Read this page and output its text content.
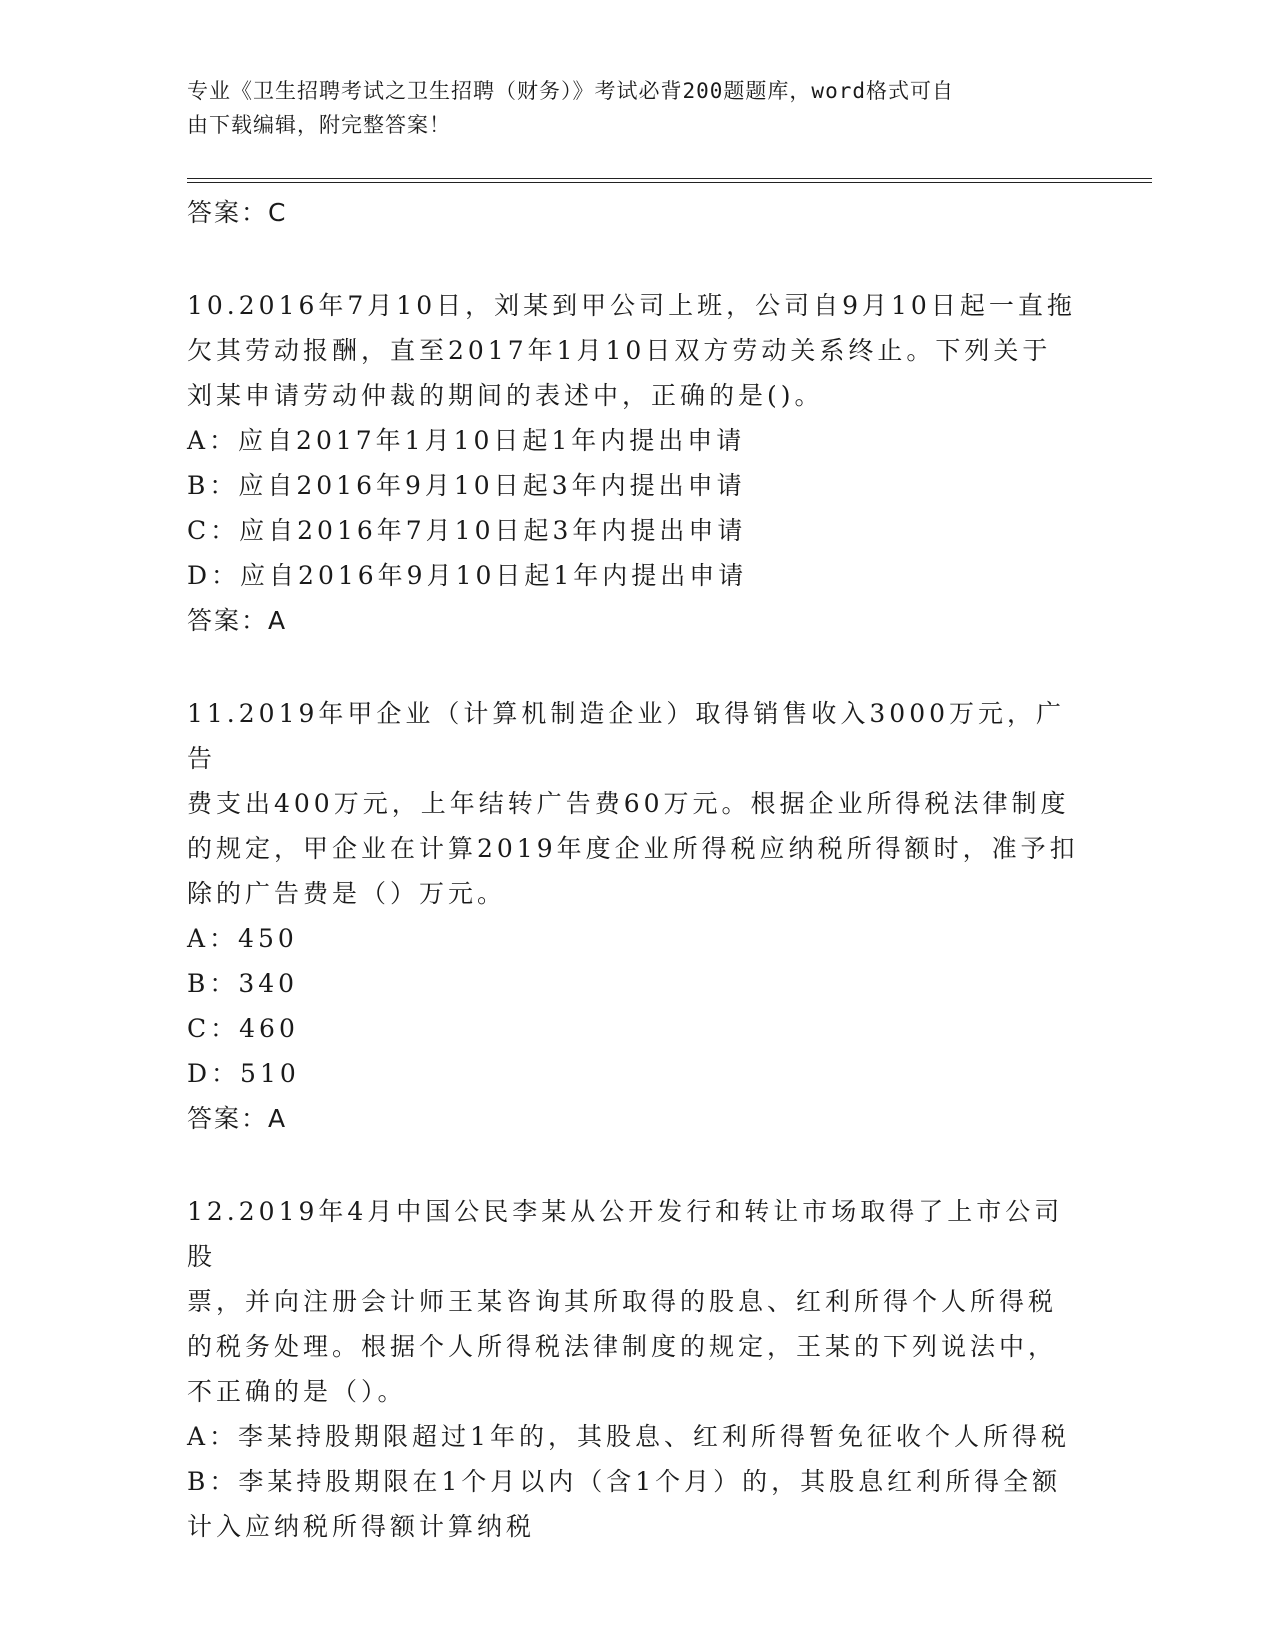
专业《卫生招聘考试之卫生招聘（财务）》考试必背200题题库，word格式可自
由下载编辑，附完整答案！

答案：C

10.2016年7月10日，刘某到甲公司上班，公司自9月10日起一直拖

欠其劳动报酬，直至2017年1月10日双方劳动关系终止。下列关于

刘某申请劳动仲裁的期间的表述中，正确的是()。

A：应自2017年1月10日起1年内提出申请

B：应自2016年9月10日起3年内提出申请

C：应自2016年7月10日起3年内提出申请

D：应自2016年9月10日起1年内提出申请

答案：A

11.2019年甲企业（计算机制造企业）取得销售收入3000万元，广告

费支出400万元，上年结转广告费60万元。根据企业所得税法律制度

的规定，甲企业在计算2019年度企业所得税应纳税所得额时，准予扣

除的广告费是（）万元。

A：450

B：340

C：460

D：510

答案：A

12.2019年4月中国公民李某从公开发行和转让市场取得了上市公司股

票，并向注册会计师王某咨询其所取得的股息、红利所得个人所得税

的税务处理。根据个人所得税法律制度的规定，王某的下列说法中，

不正确的是（）。

A：李某持股期限超过1年的，其股息、红利所得暂免征收个人所得税

B：李某持股期限在1个月以内（含1个月）的，其股息红利所得全额

计入应纳税所得额计算纳税
